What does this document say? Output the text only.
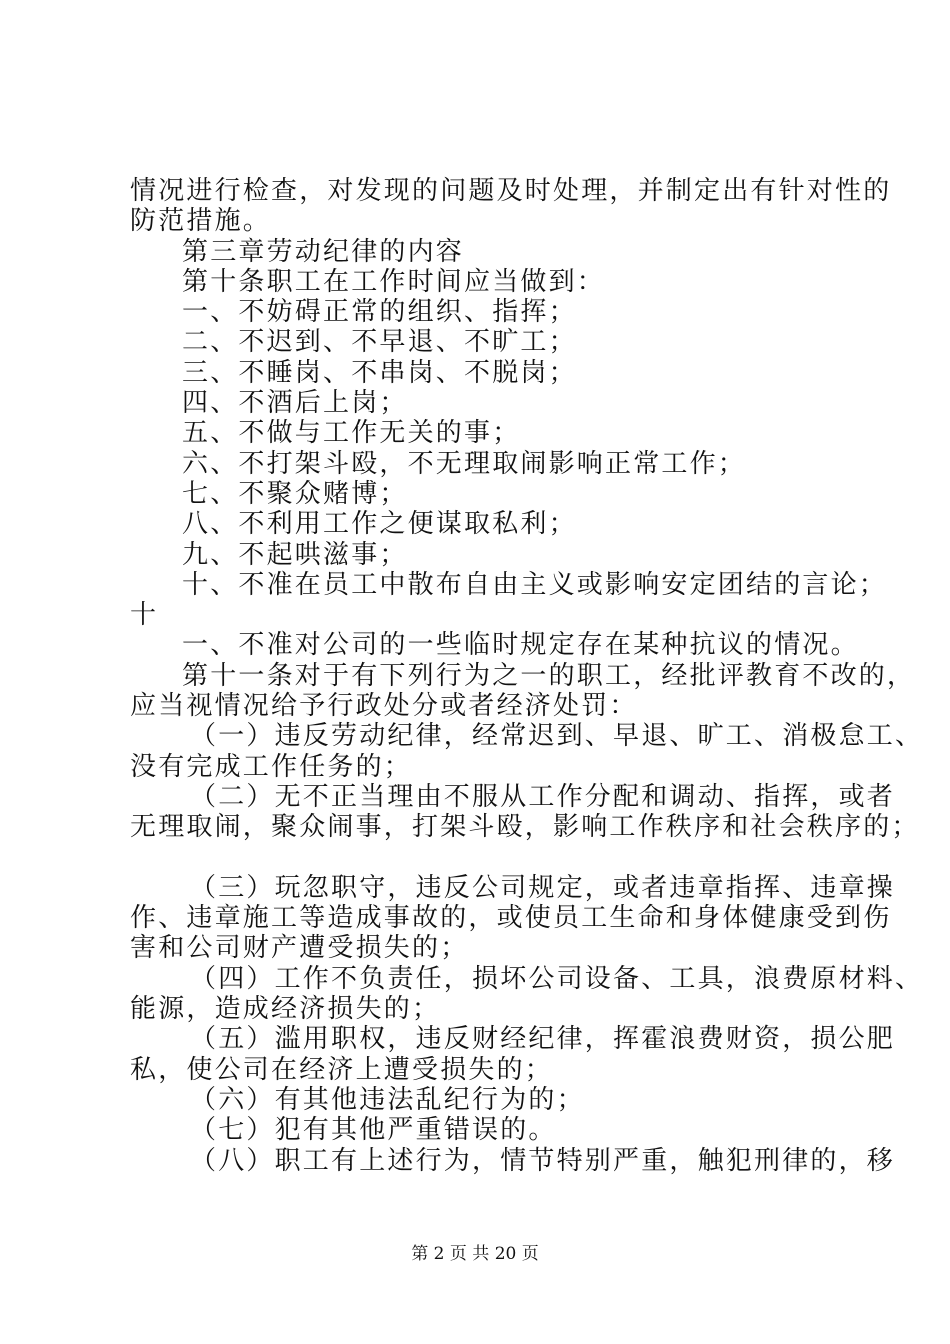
情况进行检查，对发现的问题及时处理，并制定出有针对性的
防范措施。
第三章劳动纪律的内容
第十条职工在工作时间应当做到：
一、不妨碍正常的组织、指挥；
二、不迟到、不早退、不旷工；
三、不睡岗、不串岗、不脱岗；
四、不酒后上岗；
五、不做与工作无关的事；
六、不打架斗殴，不无理取闹影响正常工作；
七、不聚众赌博；
八、不利用工作之便谋取私利；
九、不起哄滋事；
十、不准在员工中散布自由主义或影响安定团结的言论；
十
一、不准对公司的一些临时规定存在某种抗议的情况。
第十一条对于有下列行为之一的职工，经批评教育不改的，
应当视情况给予行政处分或者经济处罚：
（一）违反劳动纪律，经常迟到、早退、旷工、消极怠工、
没有完成工作任务的；
（二）无不正当理由不服从工作分配和调动、指挥，或者
无理取闹，聚众闹事，打架斗殴，影响工作秩序和社会秩序的；
（三）玩忽职守，违反公司规定，或者违章指挥、违章操
作、违章施工等造成事故的，或使员工生命和身体健康受到伤
害和公司财产遭受损失的；
（四）工作不负责任，损坏公司设备、工具，浪费原材料、
能源，造成经济损失的；
（五）滥用职权，违反财经纪律，挥霍浪费财资，损公肥
私，使公司在经济上遭受损失的；
（六）有其他违法乱纪行为的；
（七）犯有其他严重错误的。
（八）职工有上述行为，情节特别严重，触犯刑律的，移
第 2 页 共 20 页
